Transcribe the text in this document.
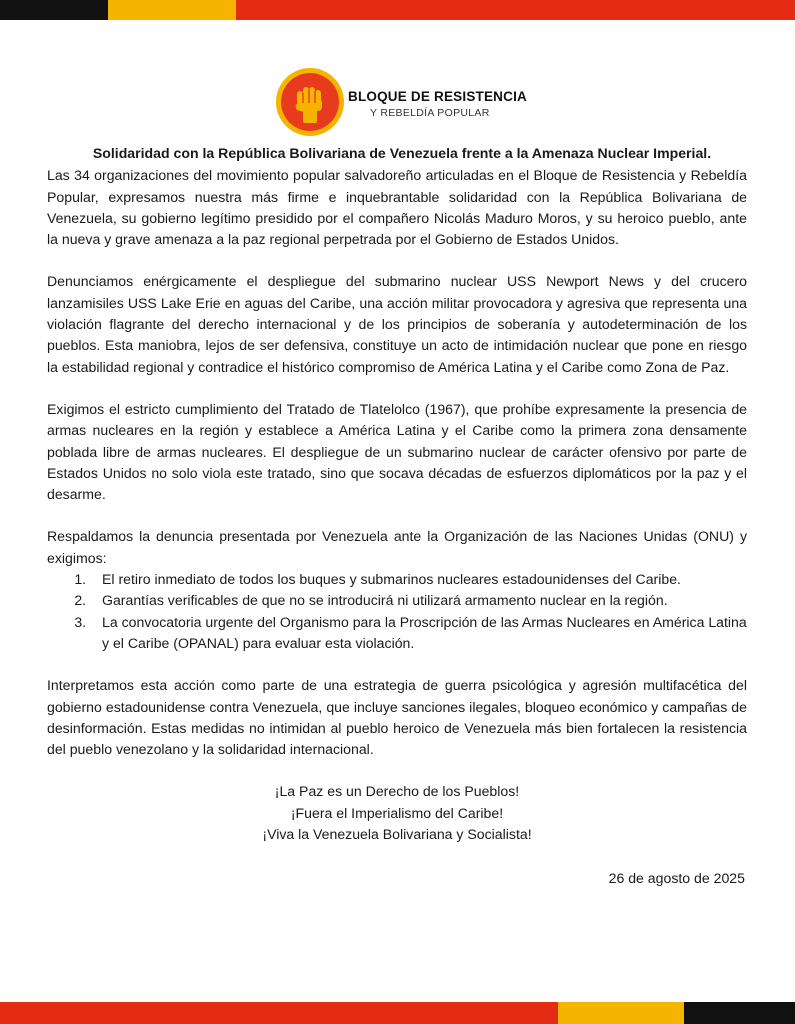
BLOQUE DE RESISTENCIA
Y REBELDÍA POPULAR

Solidaridad con la República Bolivariana de Venezuela frente a la Amenaza Nuclear Imperial.

Las 34 organizaciones del movimiento popular salvadoreño articuladas en el Bloque de Resistencia y Rebeldía Popular, expresamos nuestra más firme e inquebrantable solidaridad con la República Bolivariana de Venezuela, su gobierno legítimo presidido por el compañero Nicolás Maduro Moros, y su heroico pueblo, ante la nueva y grave amenaza a la paz regional perpetrada por el Gobierno de Estados Unidos.

Denunciamos enérgicamente el despliegue del submarino nuclear USS Newport News y del crucero lanzamisiles USS Lake Erie en aguas del Caribe, una acción militar provocadora y agresiva que representa una violación flagrante del derecho internacional y de los principios de soberanía y autodeterminación de los pueblos. Esta maniobra, lejos de ser defensiva, constituye un acto de intimidación nuclear que pone en riesgo la estabilidad regional y contradice el histórico compromiso de América Latina y el Caribe como Zona de Paz.

Exigimos el estricto cumplimiento del Tratado de Tlatelolco (1967), que prohíbe expresamente la presencia de armas nucleares en la región y establece a América Latina y el Caribe como la primera zona densamente poblada libre de armas nucleares. El despliegue de un submarino nuclear de carácter ofensivo por parte de Estados Unidos no solo viola este tratado, sino que socava décadas de esfuerzos diplomáticos por la paz y el desarme.

Respaldamos la denuncia presentada por Venezuela ante la Organización de las Naciones Unidas (ONU) y exigimos:

1. El retiro inmediato de todos los buques y submarinos nucleares estadounidenses del Caribe.
2. Garantías verificables de que no se introducirá ni utilizará armamento nuclear en la región.
3. La convocatoria urgente del Organismo para la Proscripción de las Armas Nucleares en América Latina y el Caribe (OPANAL) para evaluar esta violación.

Interpretamos esta acción como parte de una estrategia de guerra psicológica y agresión multifacética del gobierno estadounidense contra Venezuela, que incluye sanciones ilegales, bloqueo económico y campañas de desinformación. Estas medidas no intimidan al pueblo heroico de Venezuela más bien fortalecen la resistencia del pueblo venezolano y la solidaridad internacional.

¡La Paz es un Derecho de los Pueblos!

¡Fuera el Imperialismo del Caribe!

¡Viva la Venezuela Bolivariana y Socialista!

26 de agosto de 2025
